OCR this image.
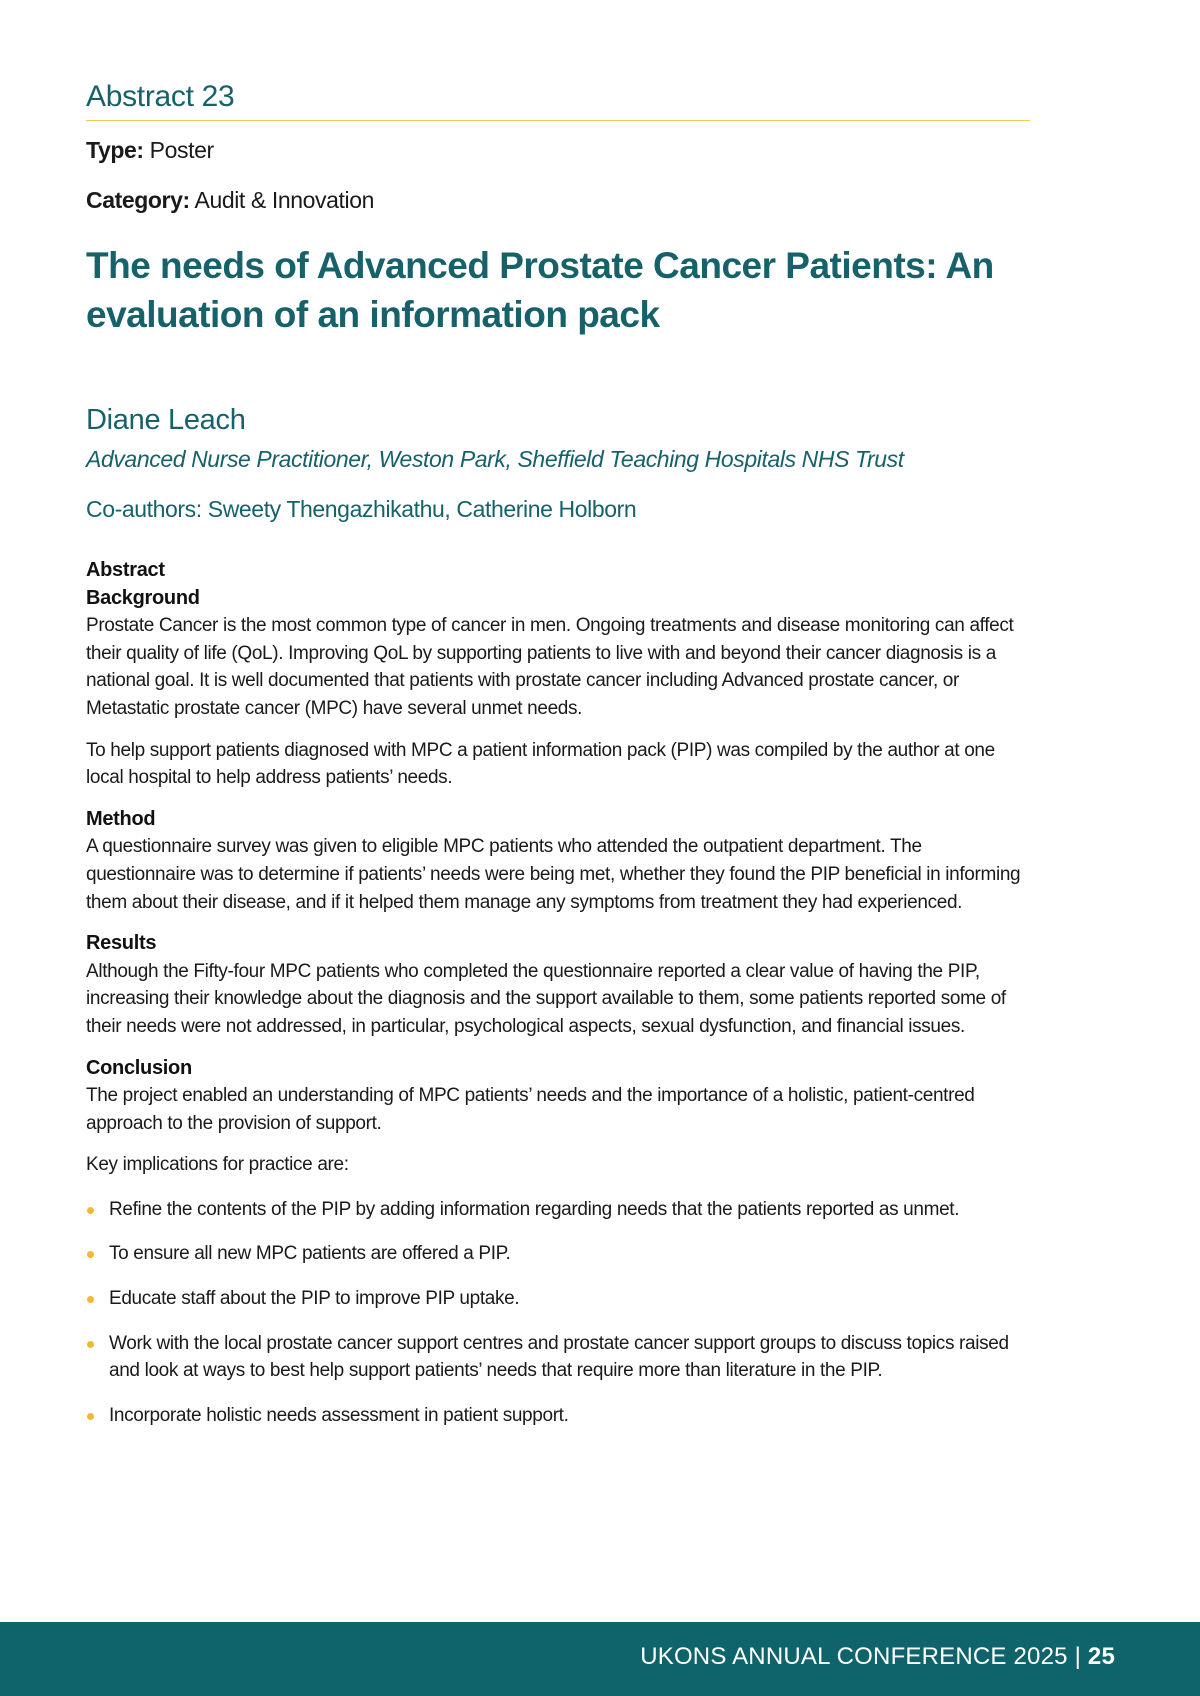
Abstract 23
Type: Poster
Category: Audit & Innovation
The needs of Advanced Prostate Cancer Patients: An evaluation of an information pack
Diane Leach
Advanced Nurse Practitioner, Weston Park, Sheffield Teaching Hospitals NHS Trust
Co-authors: Sweety Thengazhikathu, Catherine Holborn
Abstract
Background

Prostate Cancer is the most common type of cancer in men. Ongoing treatments and disease monitoring can affect their quality of life (QoL). Improving QoL by supporting patients to live with and beyond their cancer diagnosis is a national goal. It is well documented that patients with prostate cancer including Advanced prostate cancer, or Metastatic prostate cancer (MPC) have several unmet needs.

To help support patients diagnosed with MPC a patient information pack (PIP) was compiled by the author at one local hospital to help address patients’ needs.

Method

A questionnaire survey was given to eligible MPC patients who attended the outpatient department. The questionnaire was to determine if patients’ needs were being met, whether they found the PIP beneficial in informing them about their disease, and if it helped them manage any symptoms from treatment they had experienced.

Results

Although the Fifty-four MPC patients who completed the questionnaire reported a clear value of having the PIP, increasing their knowledge about the diagnosis and the support available to them, some patients reported some of their needs were not addressed, in particular, psychological aspects, sexual dysfunction, and financial issues.

Conclusion

The project enabled an understanding of MPC patients’ needs and the importance of a holistic, patient-centred approach to the provision of support.

Key implications for practice are:

Refine the contents of the PIP by adding information regarding needs that the patients reported as unmet.
To ensure all new MPC patients are offered a PIP.
Educate staff about the PIP to improve PIP uptake.
Work with the local prostate cancer support centres and prostate cancer support groups to discuss topics raised and look at ways to best help support patients’ needs that require more than literature in the PIP.
Incorporate holistic needs assessment in patient support.
UKONS ANNUAL CONFERENCE 2025 | 25
